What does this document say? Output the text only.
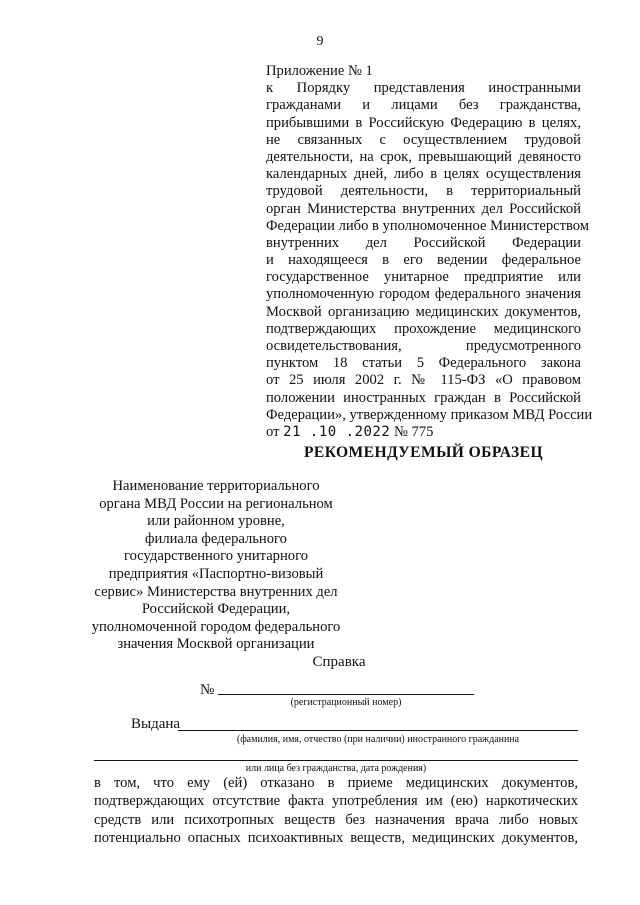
9
Приложение № 1
к Порядку представления иностранными
гражданами и лицами без гражданства,
прибывшими в Российскую Федерацию в целях,
не связанных с осуществлением трудовой
деятельности, на срок, превышающий девяносто
календарных дней, либо в целях осуществления
трудовой деятельности, в территориальный
орган Министерства внутренних дел Российской
Федерации либо в уполномоченное Министерством
внутренних дел Российской Федерации
и находящееся в его ведении федеральное
государственное унитарное предприятие или
уполномоченную городом федерального значения
Москвой организацию медицинских документов,
подтверждающих прохождение медицинского
освидетельствования, предусмотренного
пунктом 18 статьи 5 Федерального закона
от 25 июля 2002 г. № 115-ФЗ «О правовом
положении иностранных граждан в Российской
Федерации», утвержденному приказом МВД России
от 21 .10 .2022 № 775
РЕКОМЕНДУЕМЫЙ ОБРАЗЕЦ
Наименование территориального
органа МВД России на региональном
или районном уровне,
филиала федерального
государственного унитарного
предприятия «Паспортно-визовый
сервис» Министерства внутренних дел
Российской Федерации,
уполномоченной городом федерального
значения Москвой организации
Справка
№
(регистрационный номер)
Выдана
(фамилия, имя, отчество (при наличии) иностранного гражданина
или лица без гражданства, дата рождения)
в том, что ему (ей) отказано в приеме медицинских документов,
подтверждающих отсутствие факта употребления им (ею) наркотических
средств или психотропных веществ без назначения врача либо новых
потенциально опасных психоактивных веществ, медицинских документов,
